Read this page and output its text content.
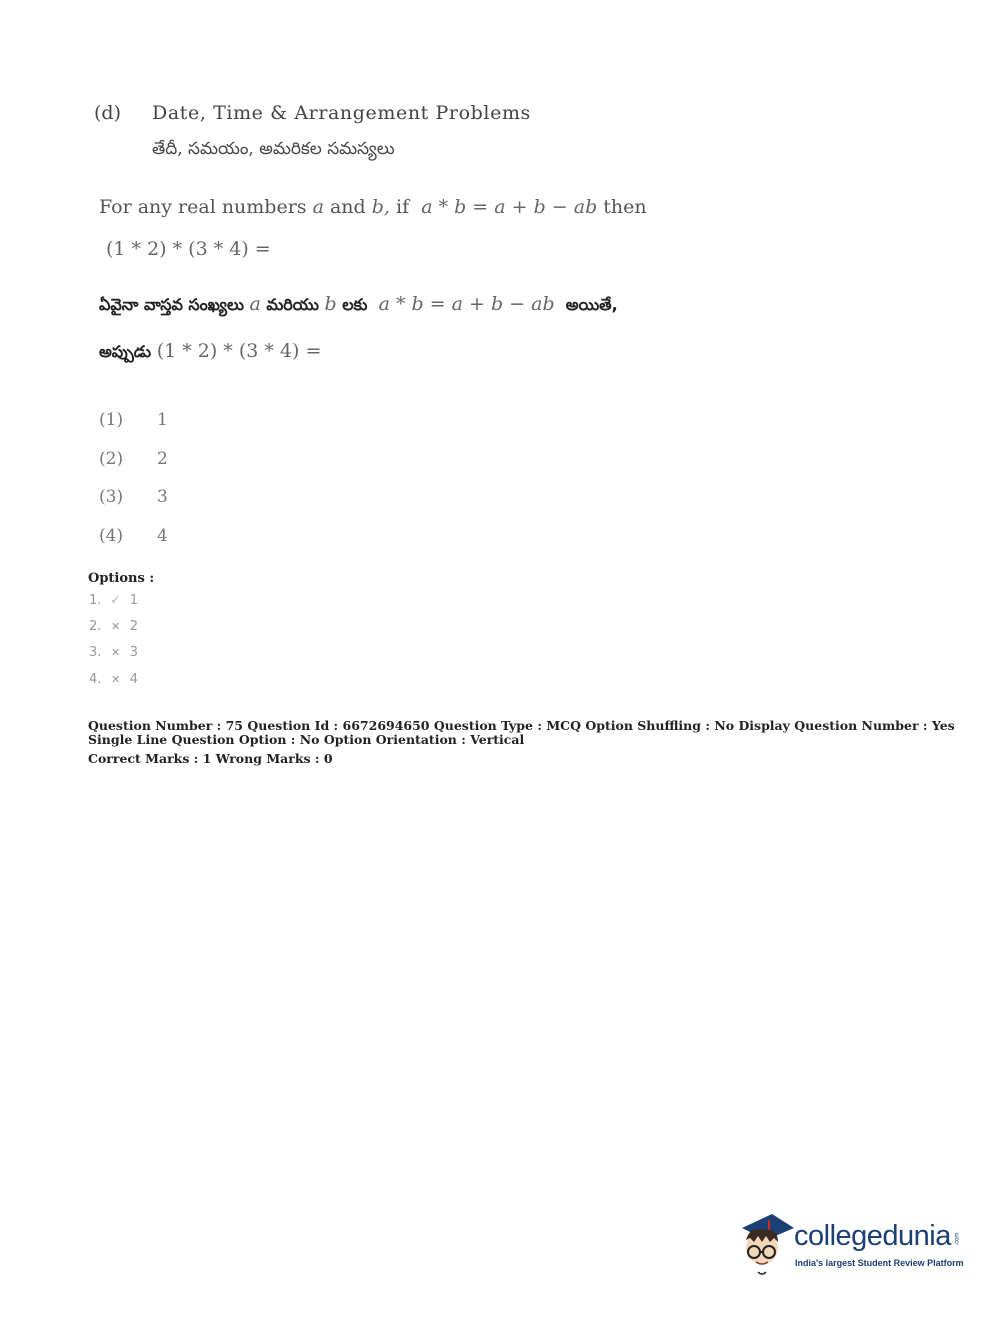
(d) Date, Time & Arrangement Problems
తేదీ, సమయం, అమరికల సమస్యలు
For any real numbers a and b, if a * b = a + b − ab then
(1 * 2) * (3 * 4) =
ఏవైనా వాస్తవ సంఖ్యలు a మరియు b లకు a * b = a + b − ab అయితే,
అప్పుడు (1 * 2) * (3 * 4) =
(1) 1
(2) 2
(3) 3
(4) 4
Options :
1. ✓ 1
2. ✕ 2
3. ✕ 3
4. ✕ 4
Question Number : 75 Question Id : 6672694650 Question Type : MCQ Option Shuffling : No Display Question Number : Yes
Single Line Question Option : No Option Orientation : Vertical
Correct Marks : 1 Wrong Marks : 0
collegedunia .com
India's largest Student Review Platform
